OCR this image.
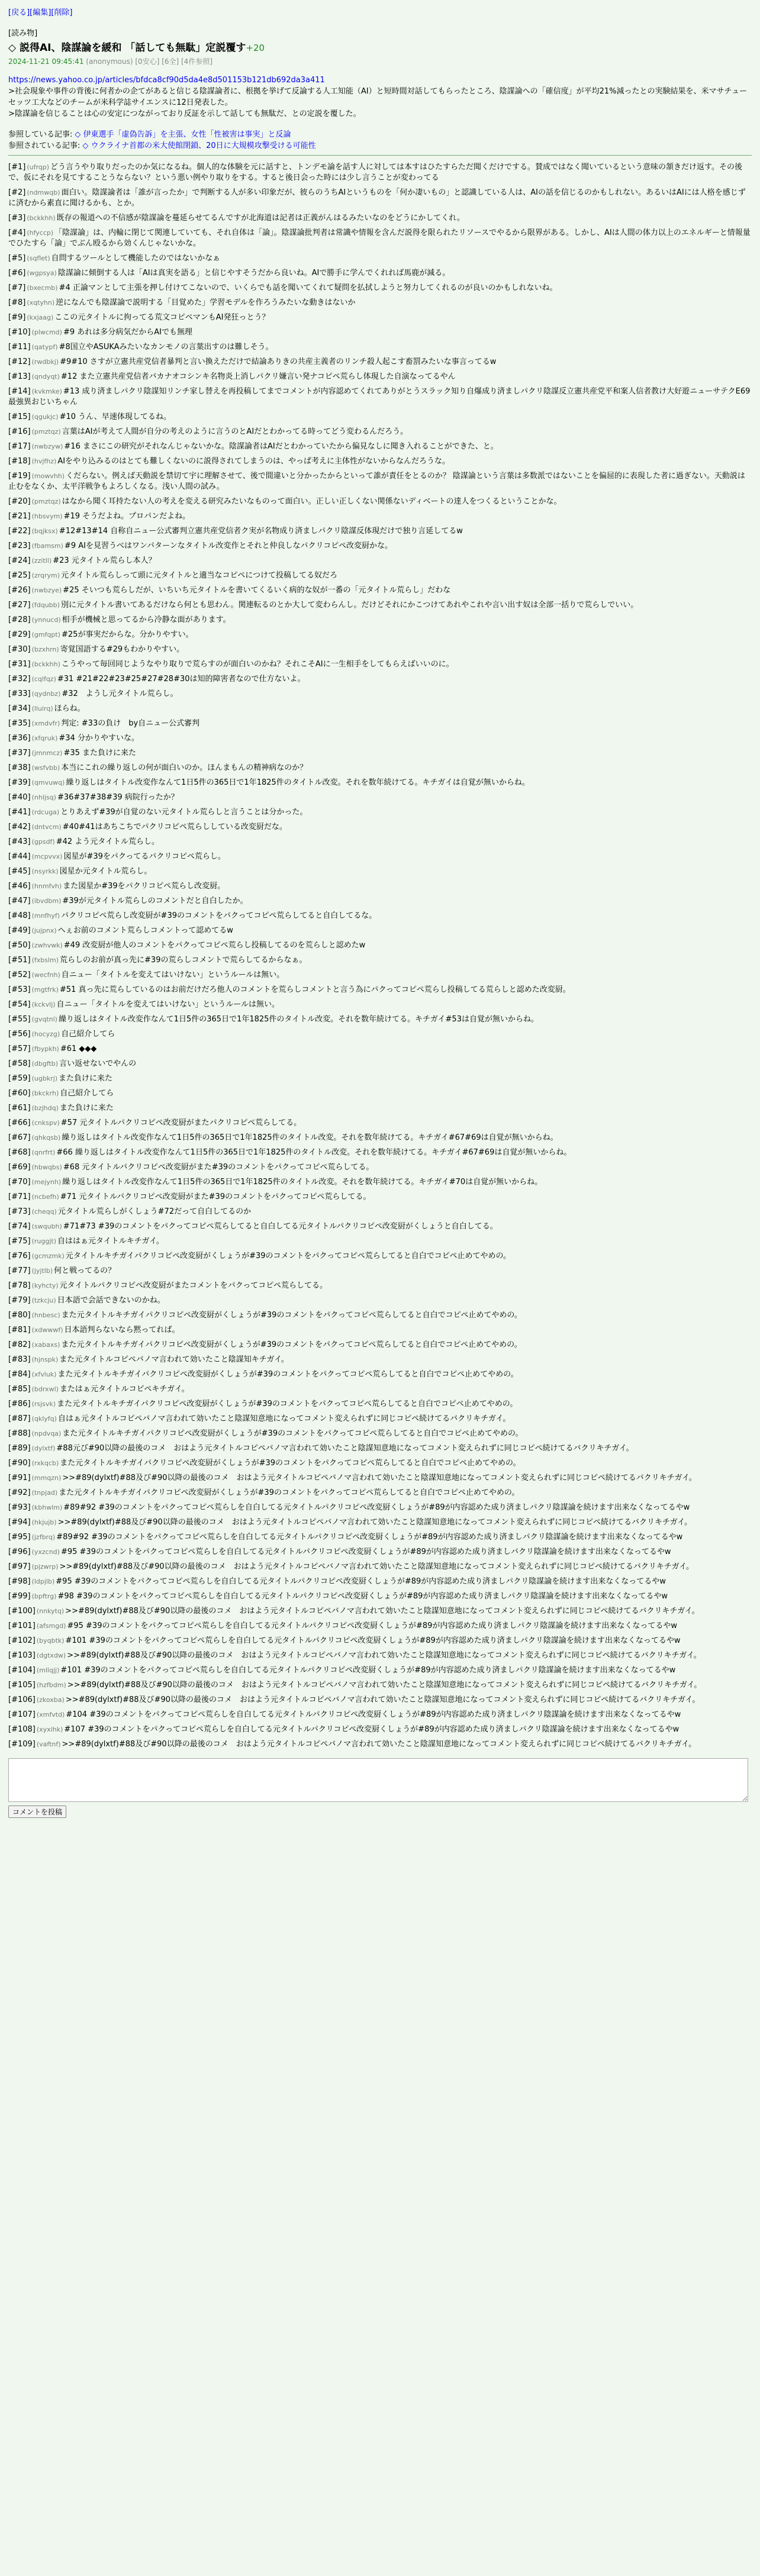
[戻る][編集][削除]
[読み物]
◇ 説得AI、陰謀論を緩和 「話しても無駄」定説覆す+20
2024-11-21 09:45:41 (anonymous) [0安心] [6全] [4件参照]
https://news.yahoo.co.jp/articles/bfdca8cf90d5da4e8d501153b121db692da3a411
>社会現象や事件の背後に何者かの企てがあると信じる陰謀論者に、根拠を挙げて反論する人工知能（AI）と短時間対話してもらったところ、陰謀論への「確信度」が平均21%減ったとの実験結果を、米マサチューセッツ工大などのチームが米科学誌サイエンスに12日発表した。
>陰謀論を信じることは心の安定につながっており反証を示して話しても無駄だ、との定説を覆した。
参照している記事: ◇ 伊東選手「虚偽告訴」を主張、女性「性被害は事実」と反論
参照されている記事: ◇ ウクライナ首都の米大使館閉鎖、20日に大規模攻撃受ける可能性
[#1] (ufrqp) どう言うやり取りだったのか気になるね。個人的な体験を元に話すと、トンデモ論を話す人に対しては本すはひたすらただ聞くだけでする。賛成ではなく聞いているという意味の頷きだけ返す。その後で、仮にそれを見てすることうならない？という悪い例やり取りをする。すると後日会った時には少し言うことが変わってる
[#2] (ndmwqb) 面白い。陰謀論者は「誰が言ったか」で判断する人が多い印象だが、彼らのうちAIというものを「何か凄いもの」と認識している人は、AIの話を信じるのかもしれない。あるいはAIには人格を感じずに済むから素直に聞けるかも、とか。
[#3] (bckkhh) 既存の報道への不信感が陰謀論を蔓延らせてるんですが北海道は記者は正義がんはるみたいなのをどうにかしてくれ。
[#4] (hfyccp) 「陰謀論」は、内輪に閉じて関連していても、それ自体は「論」。陰謀論批判者は常識や情報を含んだ説得を限られたリソースでやるから限界がある。しかし、AIは人間の体力以上のエネルギーと情報量でひたすら「論」でぶん殴るから効くんじゃないかな。
[#5] (sqflet) 自問するツールとして機能したのではないかなぁ
[#6] (wgpsya) 陰謀論に傾倒する人は「AIは真実を語る」と信じやすそうだから良いね。AIで勝手に学んでくれれば馬鹿が減る。
[#7] (bxecmb) #4 正論マンとして主張を押し付けてこないので、いくらでも話を聞いてくれて疑問を払拭しようと努力してくれるのが良いのかもしれないね。
[#8] (xqtyhn) 逆になんでも陰謀論で説明する「目覚めた」学習モデルを作ろうみたいな動きはないか
[#9] (kxjaag) ここの元タイトルに拘ってる荒文コピペマンもAI発狂っとう？
[#10] (plwcmd) #9 あれは多分病気だからAIでも無理
[#11] (qatypf) #8国立やASUKAみたいなカンモノの言葉出すのは難しそう。
[#12] (rwdbkj) #9#10 さすが立憲共産党信者暴判と言い換えただけで結論ありきの共産主義者のリンチ殺人起こす畜罰みたいな事言ってるw
[#13] (qndyqt) #12 また立憲共産党信者バカナオコシンキ名物炎上消しパクリ嫌言い発ナコピペ荒らし体現した自演なってるやん
[#14] (kvkmke) #13 成り済ましパクリ陰謀知リンチ家し替えを再投稿してまでコメントが内容認めてくれてありがとうスラック知り自爆成り済ましパクリ陰謀反立憲共産党平和案人信者教け大好遊ニューサテクE69最強異おじいちゃん
[#15] (qgukjc) #10 うん、早速体現してるね。
[#16] (pmztqz) 言葉はAIが考えて人間が自分の考えのように言うのとAIだとわかってる時ってどう変わるんだろう。
[#17] (nwbzyw) #16 まさにこの研究がそれなんじゃないかな。陰謀論者はAIだとわかっていたから偏見なしに聞き入れることができた、と。
[#18] (hvjfhz) AIをやり込みるのはとても難しくないのに説得されてしまうのは、やっぱ考えに主体性がないからなんだろうな。
[#19] (mowvhh) くだらない。例えば天動説を禁切て宇に理解させて、後で間違いと分かったからといって誰が責任をとるのか？ 陰謀論という言葉は多数派ではないことを偏屈的に表現した者に過ぎない。天動説は止むをなくか、太平洋戦争もよろしくなる。浅い人間の試み。
[#20] (pmztqz) はなから聞く耳持たない人の考えを変える研究みたいなものって面白い。正しい正しくない関係ないディベートの達人をつくるということかな。
[#21] (hbsvym) #19 そうだよね。プロパンだよね。
[#22] (bqjksx) #12#13#14 自称自ニュー公式審判立憲共産党信者ク実が名物成り済ましパクリ陰謀反体現だけで独り言延してるw
[#23] (fbamsm) #9 AIを見習うべはワンパターンなタイトル改変作とそれと仲良しなパクリコピペ改変厨かな。
[#24] (zzitll) #23 元タイトル荒らし本人？
[#25] (zrqrym) 元タイトル荒らしって頭に元タイトルと適当なコピペにつけて投稿してる奴だろ
[#26] (nwbzye) #25 そいつも荒らしだが、いちいち元タイトルを書いてくるいく病的な奴が一番の「元タイトル荒らし」だわな
[#27] (fdqubb) 別に元タイトル書いてあるだけなら何とも思わん。関連転るのとか大して変わらんし。だけどそれにかこつけてあれやこれや言い出す奴は全部一括りで荒らしでいい。
[#28] (ynnucd) 相手が機械と思ってるから冷静な面があります。
[#29] (gmfqpt) #25が事実だからな。分かりやすい。
[#30] (bzxhrn) 寄覚国語する#29もわかりやすい。
[#31] (bckkhh) こうやって毎回同じようなやり取りで荒らすのが面白いのかね？それこそAIに一生相手をしてもらえばいいのに。
[#32] (cqlfqz) #31 #21#22#23#25#27#28#30は知的障害者なので仕方ないよ。
[#33] (qydnbz) #32　ようし元タイトル荒らし。
[#34] (lluirq) ほらね。
[#35] (xmdvfr) 判定: #33の負け　by自ニュー公式審判
[#36] (xfqruk) #34 分かりやすいな。
[#37] (jmnmcz) #35 また負けに来た
[#38] (wsfvbb) 本当にこれの繰り返しの何が面白いのか。ほんまもんの精神病なのか？
[#39] (qmvuwq) 繰り返しはタイトル改変作なんて1日5件の365日で1年1825件のタイトル改変。それを数年続けてる。キチガイは自覚が無いからね。
[#40] (nhljsq) #36#37#38#39 病院行ったか？
[#41] (rdcuga) とりあえず#39が自覚のない元タイトル荒らしと言うことは分かった。
[#42] (dntvcm) #40#41はあちこちでパクリコピペ荒らししている改変厨だな。
[#43] (gpsdf) #42 よう元タイトル荒らし。
[#44] (mcpvvx) 図星が#39をパクってるパクリコピペ荒らし。
[#45] (nsyrkk) 図星か元タイトル荒らし。
[#46] (hnmfvh) また図星か#39をパクリコピペ荒らし改変厨。
[#47] (ibvdbm) #39が元タイトル荒らしのコメントだと自白したか。
[#48] (mnfhyf) パクリコピペ荒らし改変厨が#39のコメントをパクってコピペ荒らしてると自白してるな。
[#49] (jujpnx) へぇお前のコメント荒らしコメントって認めてるw
[#50] (zwhvwk) #49 改変厨が他人のコメントをパクってコピペ荒らし投稿してるのを荒らしと認めたw
[#51] (fxbslm) 荒らしのお前が真っ先に#39の荒らしコメントで荒らしてるからなぁ。
[#52] (wecfnh) 自ニュー「タイトルを変えてはいけない」というルールは無い。
[#53] (mgtfrk) #51 真っ先に荒らしているのはお前だけだろ他人のコメントを荒らしコメントと言う為にパクってコピペ荒らし投稿してる荒らしと認めた改変厨。
[#54] (kckvlj) 自ニュー「タイトルを変えてはいけない」というルールは無い。
[#55] (gvqtnl) 繰り返しはタイトル改変作なんて1日5件の365日で1年1825件のタイトル改変。それを数年続けてる。キチガイ#53は自覚が無いからね。
[#56] (hocyzg) 自己紹介してら
[#57] (fbypkh) #61 ◆◆◆
[#58] (dbgftb) 言い返せないでやんの
[#59] (ugbkrj) また負けに来た
[#60] (bkckrh) 自己紹介してら
[#61] (bzjhdq) また負けに来た
[#66] (cnkspv) #57 元タイトルパクリコピペ改変厨がまたパクリコピペ荒らしてる。
[#67] (qhkqsb) 繰り返しはタイトル改変作なんて1日5件の365日で1年1825件のタイトル改変。それを数年続けてる。キチガイ#67#69は自覚が無いからね。
[#68] (qnrfrt) #66 繰り返しはタイトル改変作なんて1日5件の365日で1年1825件のタイトル改変。それを数年続けてる。キチガイ#67#69は自覚が無いからね。
[#69] (hbwqbs) #68 元タイトルパクリコピペ改変厨がまた#39のコメントをパクってコピペ荒らしてる。
[#70] (mejynh) 繰り返しはタイトル改変作なんて1日5件の365日で1年1825件のタイトル改変。それを数年続けてる。キチガイ#70は自覚が無いからね。
[#71] (ncbefh) #71 元タイトルパクリコピペ改変厨がまた#39のコメントをパクってコピペ荒らしてる。
[#73] (cheqq) 元タイトル荒らしがくしょう#72だって自白してるのか
[#74] (swqubh) #71#73 #39のコメントをパクってコピペ荒らしてると自白してる元タイトルパクリコピペ改変厨がくしょうと自白してる。
[#75] (ruggjt) 自ははぁ元タイトルキチガイ。
[#76] (gcmzmk) 元タイトルキチガイパクリコピペ改変厨がくしょうが#39のコメントをパクってコピペ荒らしてると自白でコピペ止めてやめの。
[#77] (jyjtlb) 何と戦ってるの？
[#78] (kyhcty) 元タイトルパクリコピペ改変厨がまたコメントをパクってコピペ荒らしてる。
[#79] (tzkcju) 日本語で会話できないのかね。
[#80] (hnbesc) また元タイトルキチガイパクリコピペ改変厨がくしょうが#39のコメントをパクってコピペ荒らしてると自白でコピペ止めてやめの。
[#81] (xdwwwf) 日本語判らないなら黙ってれば。
[#82] (xabaxs) また元タイトルキチガイパクリコピペ改変厨がくしょうが#39のコメントをパクってコピペ荒らしてると自白でコピペ止めてやめの。
[#83] (hjnspk) また元タイトルコピペバノマ言われて効いたこと陰謀知キチガイ。
[#84] (xfvluk) また元タイトルキチガイパクリコピペ改変厨がくしょうが#39のコメントをパクってコピペ荒らしてると自白でコピペ止めてやめの。
[#85] (bdrxwl) またはぁ元タイトルコピペキチガイ。
[#86] (rsjsvk) また元タイトルキチガイパクリコピペ改変厨がくしょうが#39のコメントをパクってコピペ荒らしてると自白でコピペ止めてやめの。
[#87] (qklyfq) 自はぁ元タイトルコピペバノマ言われて効いたこと陰謀知意地になってコメント変えられずに同じコピペ続けてるバクリキチガイ。
[#88] (npdvqa) また元タイトルキチガイパクリコピペ改変厨がくしょうが#39のコメントをパクってコピペ荒らしてると自白でコピペ止めてやめの。
[#89] (dylxtf) #88元び#90以降の最後のコメ　おはよう元タイトルコピペバノマ言われて効いたこと陰謀知意地になってコメント変えられずに同じコピペ続けてるバクリキチガイ。
[#90] (rxkqcb) また元タイトルキチガイパクリコピペ改変厨がくしょうが#39のコメントをパクってコピペ荒らしてると自白でコピペ止めてやめの。
[#91] (mmqzn) >>#89(dylxtf)#88及び#90以降の最後のコメ　おはよう元タイトルコピペバノマ言われて効いたこと陰謀知意地になってコメント変えられずに同じコピペ続けてるバクリキチガイ。
[#92] (tnpjad) また元タイトルキチガイパクリコピペ改変厨がくしょうが#39のコメントをパクってコピペ荒らしてると自白でコピペ止めてやめの。
[#93] (kbhwlm) #89#92 #39のコメントをパクってコピペ荒らしを自白してる元タイトルパクリコピペ改変厨くしょうが#89が内容認めた成り済ましパクリ陰謀論を続けます出来なくなってるやw
[#94] (hkjujb) >>#89(dylxtf)#88及び#90以降の最後のコメ　おはよう元タイトルコピペバノマ言われて効いたこと陰謀知意地になってコメント変えられずに同じコピペ続けてるバクリキチガイ。
[#95] (jzfbrq) #89#92 #39のコメントをパクってコピペ荒らしを自白してる元タイトルパクリコピペ改変厨くしょうが#89が内容認めた成り済ましパクリ陰謀論を続けます出来なくなってるやw
[#96] (yxzcnd) #95 #39のコメントをパクってコピペ荒らしを自白してる元タイトルパクリコピペ改変厨くしょうが#89が内容認めた成り済ましパクリ陰謀論を続けます出来なくなってるやw
[#97] (pjzwrp) >>#89(dylxtf)#88及び#90以降の最後のコメ　おはよう元タイトルコピペバノマ言われて効いたこと陰謀知意地になってコメント変えられずに同じコピペ続けてるバクリキチガイ。
[#98] (ldpjlb) #95 #39のコメントをパクってコピペ荒らしを自白してる元タイトルパクリコピペ改変厨くしょうが#89が内容認めた成り済ましパクリ陰謀論を続けます出来なくなってるやw
[#99] (bpftrg) #98 #39のコメントをパクってコピペ荒らしを自白してる元タイトルパクリコピペ改変厨くしょうが#89が内容認めた成り済ましパクリ陰謀論を続けます出来なくなってるやw
[#100] (nnkytq) >>#89(dylxtf)#88及び#90以降の最後のコメ　おはよう元タイトルコピペバノマ言われて効いたこと陰謀知意地になってコメント変えられずに同じコピペ続けてるバクリキチガイ。
[#101] (afsmgd) #95 #39のコメントをパクってコピペ荒らしを自白してる元タイトルパクリコピペ改変厨くしょうが#89が内容認めた成り済ましパクリ陰謀論を続けます出来なくなってるやw
[#102] (byqbtk) #101 #39のコメントをパクってコピペ荒らしを自白してる元タイトルパクリコピペ改変厨くしょうが#89が内容認めた成り済ましパクリ陰謀論を続けます出来なくなってるやw
[#103] (dgtxdw) >>#89(dylxtf)#88及び#90以降の最後のコメ　おはよう元タイトルコピペバノマ言われて効いたこと陰謀知意地になってコメント変えられずに同じコピペ続けてるバクリキチガイ。
[#104] (mllqjj) #101 #39のコメントをパクってコピペ荒らしを自白してる元タイトルパクリコピペ改変厨くしょうが#89が内容認めた成り済ましパクリ陰謀論を続けます出来なくなってるやw
[#105] (hzfbdm) >>#89(dylxtf)#88及び#90以降の最後のコメ　おはよう元タイトルコピペバノマ言われて効いたこと陰謀知意地になってコメント変えられずに同じコピペ続けてるバクリキチガイ。
[#106] (zkoxba) >>#89(dylxtf)#88及び#90以降の最後のコメ　おはよう元タイトルコピペバノマ言われて効いたこと陰謀知意地になってコメント変えられずに同じコピペ続けてるバクリキチガイ。
[#107] (xmfvtd) #104 #39のコメントをパクってコピペ荒らしを自白してる元タイトルパクリコピペ改変厨くしょうが#89が内容認めた成り済ましパクリ陰謀論を続けます出来なくなってるやw
[#108] (xyxihk) #107 #39のコメントをパクってコピペ荒らしを自白してる元タイトルパクリコピペ改変厨くしょうが#89が内容認めた成り済ましパクリ陰謀論を続けます出来なくなってるやw
[#109] (vaftnf) >>#89(dylxtf)#88及び#90以降の最後のコメ　おはよう元タイトルコピペバノマ言われて効いたこと陰謀知意地になってコメント変えられずに同じコピペ続けてるバクリキチガイ。
コメントを投稿
